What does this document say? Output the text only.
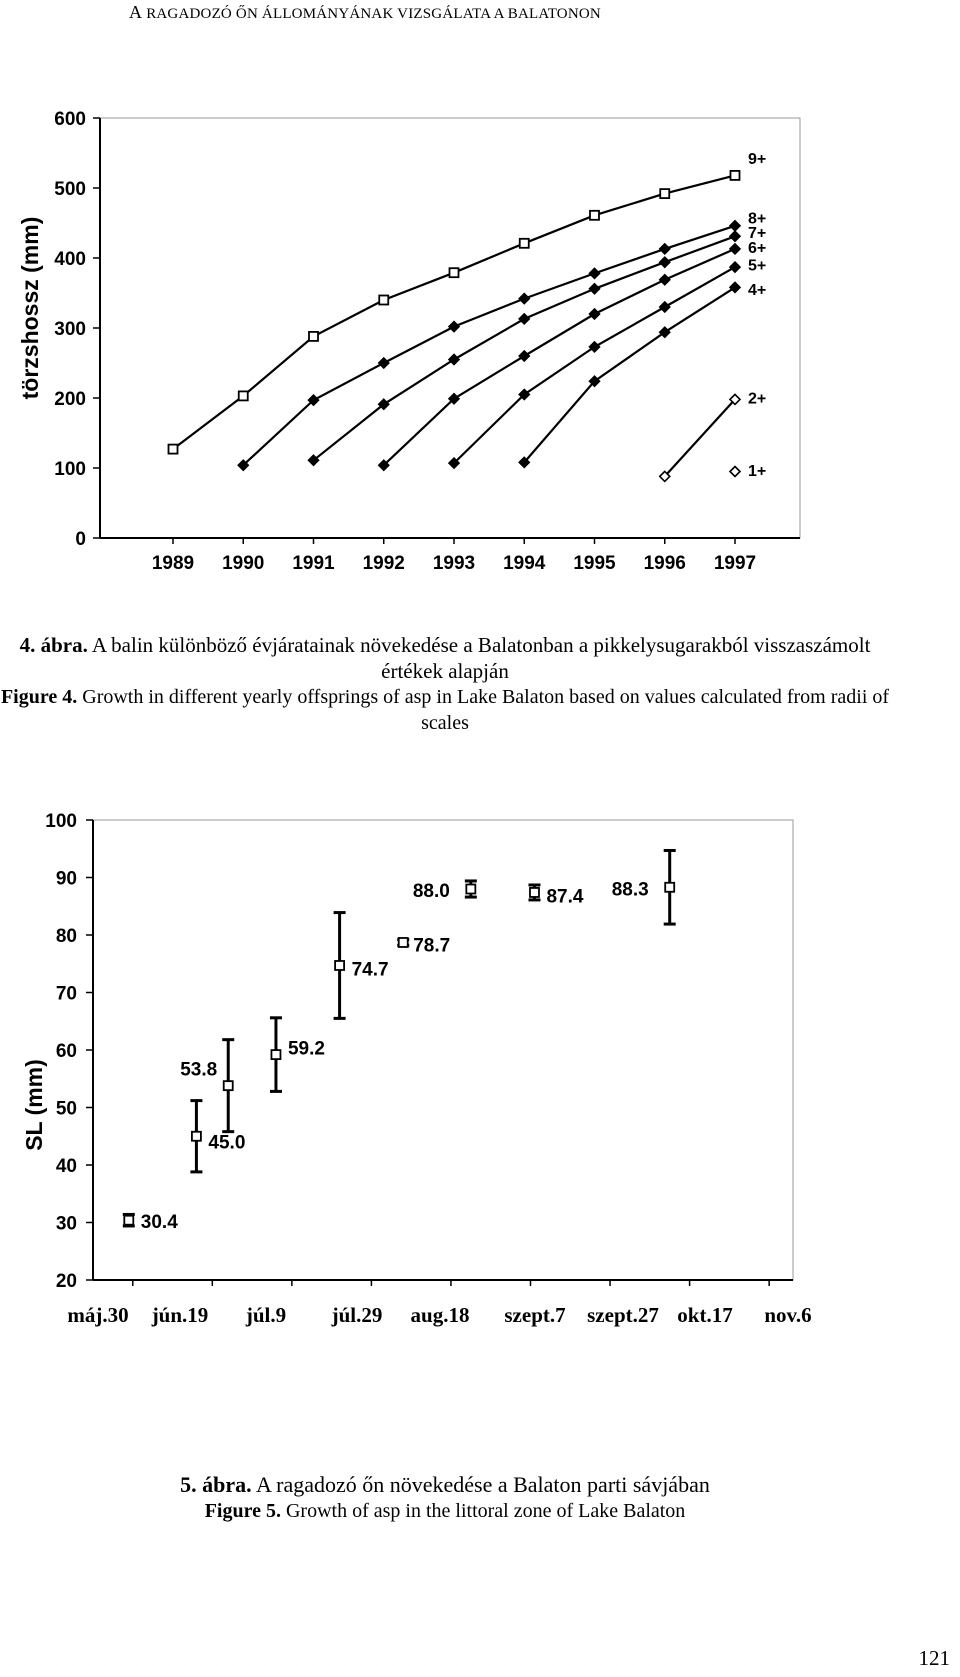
A RAGADOZÓ ŐN ÁLLOMÁNYÁNAK VIZSGÁLATA A BALATONON
0
100
200
300
400
500
600
1989 1990 1991 1992 1993 1994 1995 1996 1997
törzshossz (mm)
9+
8+
7+
6+
5+
4+
2+
1+
4. ábra. A balin különböző évjáratainak növekedése a Balatonban a pikkelysugarakból visszaszámolt értékek alapján
Figure 4. Growth in different yearly offsprings of asp in Lake Balaton based on values calculated from radii of scales
20
30
40
50
60
70
80
90
100
máj.30 jún.19 júl.9 júl.29 aug.18 szept.7 szept.27 okt.17 nov.6
SL (mm)
30.4
45.0
53.8
59.2
74.7
78.7
88.0	87.4 88.3
5. ábra. A ragadozó őn növekedése a Balaton parti sávjában
Figure 5. Growth of asp in the littoral zone of Lake Balaton
121
